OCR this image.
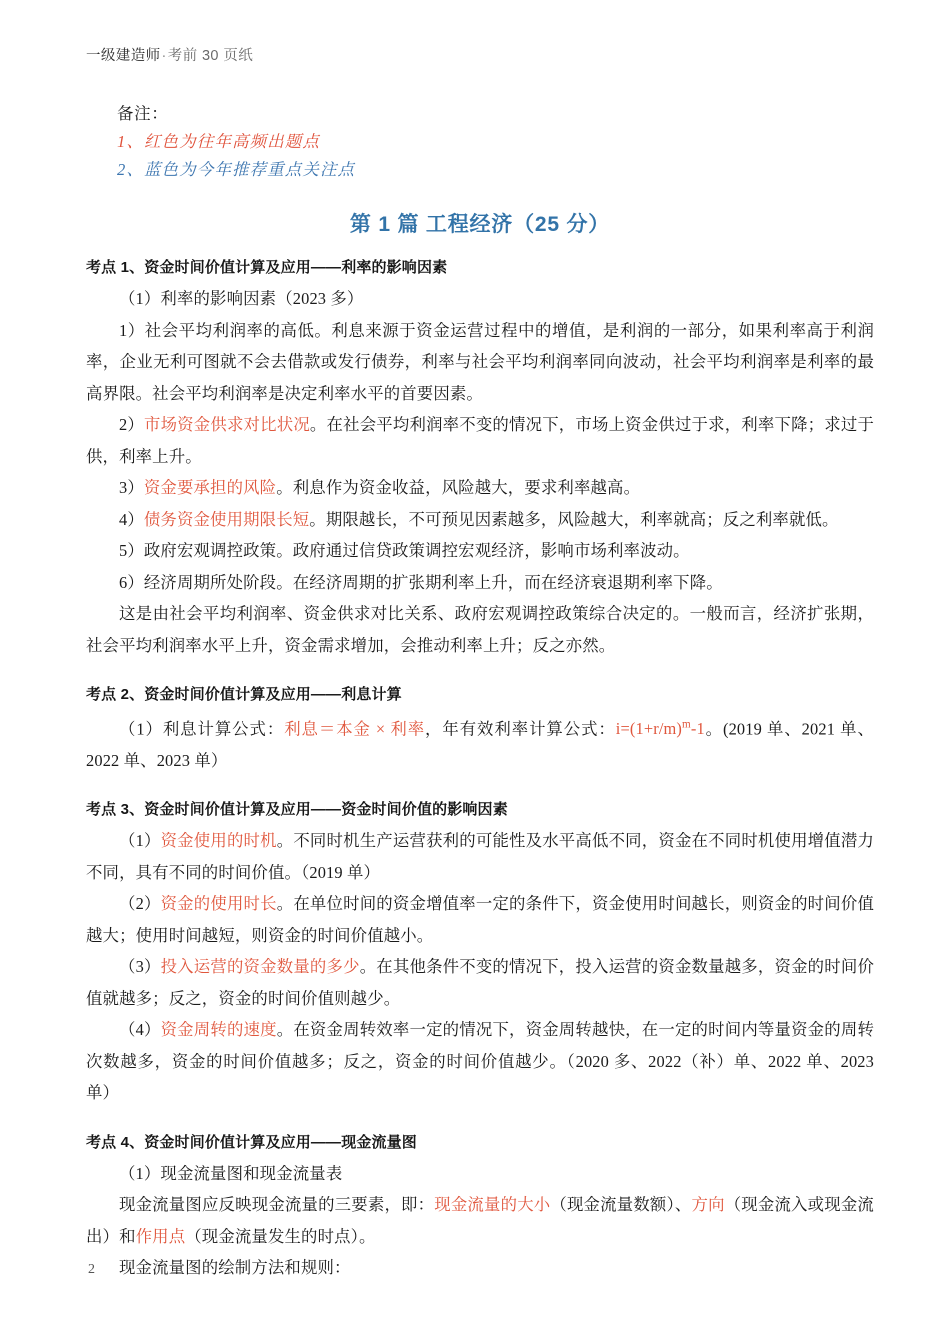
一级建造师·考前 30 页纸
备注：
1、红色为往年高频出题点
2、蓝色为今年推荐重点关注点
第 1 篇 工程经济（25 分）
考点 1、资金时间价值计算及应用——利率的影响因素

（1）利率的影响因素（2023 多）

1）社会平均利润率的高低。利息来源于资金运营过程中的增值，是利润的一部分，如果利率高于利润率，企业无利可图就不会去借款或发行债券，利率与社会平均利润率同向波动，社会平均利润率是利率的最高界限。社会平均利润率是决定利率水平的首要因素。

2）市场资金供求对比状况。在社会平均利润率不变的情况下，市场上资金供过于求，利率下降；求过于供，利率上升。

3）资金要承担的风险。利息作为资金收益，风险越大，要求利率越高。

4）债务资金使用期限长短。期限越长，不可预见因素越多，风险越大，利率就高；反之利率就低。

5）政府宏观调控政策。政府通过信贷政策调控宏观经济，影响市场利率波动。

6）经济周期所处阶段。在经济周期的扩张期利率上升，而在经济衰退期利率下降。

这是由社会平均利润率、资金供求对比关系、政府宏观调控政策综合决定的。一般而言，经济扩张期，社会平均利润率水平上升，资金需求增加，会推动利率上升；反之亦然。

考点 2、资金时间价值计算及应用——利息计算

（1）利息计算公式：利息＝本金 × 利率，年有效利率计算公式：$i=(1+r/m)^m-1$。(2019 单、2021 单、2022 单、2023 单）

考点 3、资金时间价值计算及应用——资金时间价值的影响因素

（1）资金使用的时机。不同时机生产运营获利的可能性及水平高低不同，资金在不同时机使用增值潜力不同，具有不同的时间价值。（2019 单）

（2）资金的使用时长。在单位时间的资金增值率一定的条件下，资金使用时间越长，则资金的时间价值越大；使用时间越短，则资金的时间价值越小。

（3）投入运营的资金数量的多少。在其他条件不变的情况下，投入运营的资金数量越多，资金的时间价值就越多；反之，资金的时间价值则越少。

（4）资金周转的速度。在资金周转效率一定的情况下，资金周转越快，在一定的时间内等量资金的周转次数越多，资金的时间价值越多；反之，资金的时间价值越少。（2020 多、2022（补）单、2022 单、2023 单）

考点 4、资金时间价值计算及应用——现金流量图

（1）现金流量图和现金流量表

现金流量图应反映现金流量的三要素，即：现金流量的大小（现金流量数额）、方向（现金流入或现金流出）和作用点（现金流量发生的时点）。

现金流量图的绘制方法和规则：

2
